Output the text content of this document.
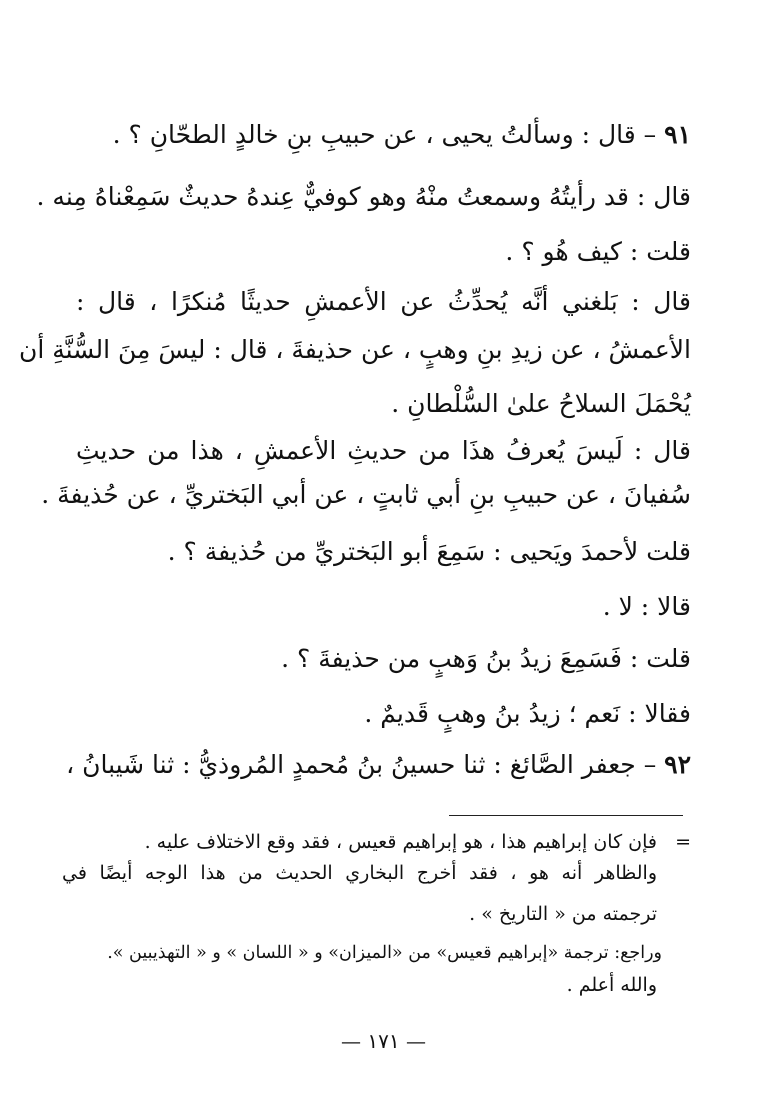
٩١ – قال : وسألتُ يحيى ، عن حبيبِ بنِ خالدٍ الطحّانِ ؟ .
قال : قد رأيتُهُ وسمعتُ منْهُ وهو كوفيٌّ عِندهُ حديثٌ سَمِعْناهُ مِنه .
قلت : كيف هُو ؟ .
قال : بَلغني أنَّه يُحدِّثُ عن الأعمشِ حديثًا مُنكرًا ، قال :
الأعمشُ ، عن زيدِ بنِ وهبٍ ، عن حذيفةَ ، قال : ليسَ مِنَ السُّنَّةِ أن
يُحْمَلَ السلاحُ علىٰ السُّلْطانِ .
قال : لَيسَ يُعرفُ هذَا من حديثِ الأعمشِ ، هذا من حديثِ
سُفيانَ ، عن حبيبِ بنِ أبي ثابتٍ ، عن أبي البَختريِّ ، عن حُذيفةَ .
قلت لأحمدَ ويَحيى : سَمِعَ أبو البَختريِّ من حُذيفة ؟ .
قالا : لا .
قلت : فَسَمِعَ زيدُ بنُ وَهبٍ من حذيفةَ ؟ .
فقالا : نَعم ؛ زيدُ بنُ وهبٍ قَديمٌ .
٩٢ – جعفر الصَّائغ : ثنا حسينُ بنُ مُحمدٍ المُروذيُّ : ثنا شَيبانُ ،
=
فإن كان إبراهيم هذا ، هو إبراهيم قعيس ، فقد وقع الاختلاف عليه .
والظاهر أنه هو ، فقد أخرج البخاري الحديث من هذا الوجه أيضًا في
ترجمته من « التاريخ » .
وراجع: ترجمة «إبراهيم قعيس» من «الميزان» و « اللسان » و « التهذيبين ».
والله أعلم .
— ١٧١ —
